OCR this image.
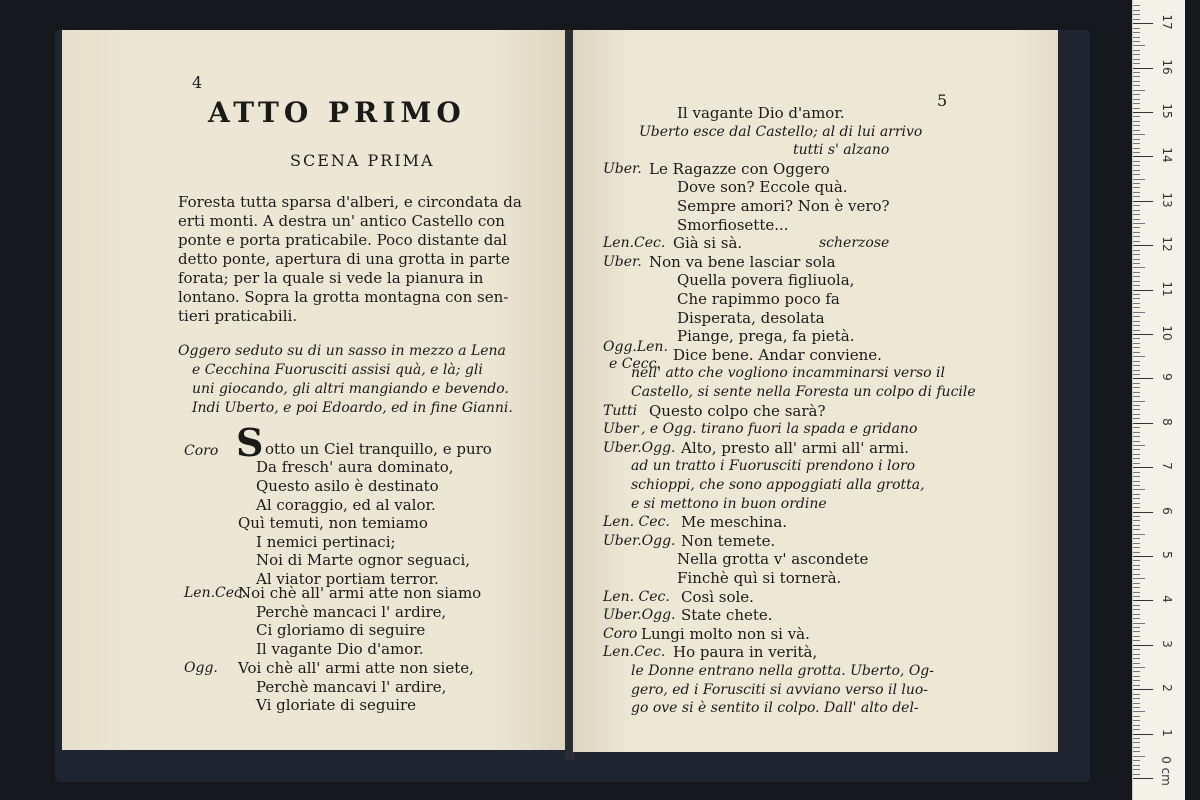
4
ATTO PRIMO
SCENA PRIMA
Foresta tutta sparsa d'alberi, e circondata da
erti monti. A destra un' antico Castello con
ponte e porta praticabile. Poco distante dal
detto ponte, apertura di una grotta in parte
forata; per la quale si vede la pianura in
lontano. Sopra la grotta montagna con sen-
tieri praticabili.
Oggero seduto su di un sasso in mezzo a Lena
e Cecchina Fuorusciti assisi quà, e là; gli
uni giocando, gli altri mangiando e bevendo.
Indi Uberto, e poi Edoardo, ed in fine Gianni.
Coro S otto un Ciel tranquillo, e puro
Da fresch' aura dominato,
Questo asilo è destinato
Al coraggio, ed al valor.
Quì temuti, non temiamo
I nemici pertinaci;
Noi di Marte ognor seguaci,
Al viator portiam terror.
Len.Cec.
Noi chè all' armi atte non siamo
Perchè mancaci l' ardire,
Ci gloriamo di seguire
Il vagante Dio d'amor.
Ogg. Voi chè all' armi atte non siete,
Perchè mancavi l' ardire,
Vi gloriate di seguire
5
Il vagante Dio d'amor.
Uberto esce dal Castello; al di lui arrivo
tutti s' alzano
Uber. Le Ragazze con Oggero
Dove son? Eccole quà.
Sempre amori? Non è vero?
Smorfiosette...
Len.Cec. Già si sà.	scherzose
Uber. Non va bene lasciar sola
Quella povera figliuola,
Che rapimmo poco fa
Disperata, desolata
Piange, prega, fa pietà.
Ogg.Len.
e Cecc. Dice bene. Andar conviene.
nell' atto che vogliono incamminarsi verso il
Castello, si sente nella Foresta un colpo di fucile
Tutti Questo colpo che sarà?
Uber , e Ogg. tirano fuori la spada e gridano
Uber.Ogg. Alto, presto all' armi all' armi.
ad un tratto i Fuorusciti prendono i loro
schioppi, che sono appoggiati alla grotta,
e si mettono in buon ordine
Len. Cec. Me meschina.
Uber.Ogg. Non temete.
Nella grotta v' ascondete
Finchè quì si tornerà.
Len. Cec. Così sole.
Uber.Ogg. State chete.
Coro Lungi molto non si và.
Len.Cec. Ho paura in verità,
le Donne entrano nella grotta. Uberto, Og-
gero, ed i Forusciti si avviano verso il luo-
go ove si è sentito il colpo. Dall' alto del-
0 cm
1
2
3
4
5
6
7
8
9
10
11
12
13
14
15
16
17
